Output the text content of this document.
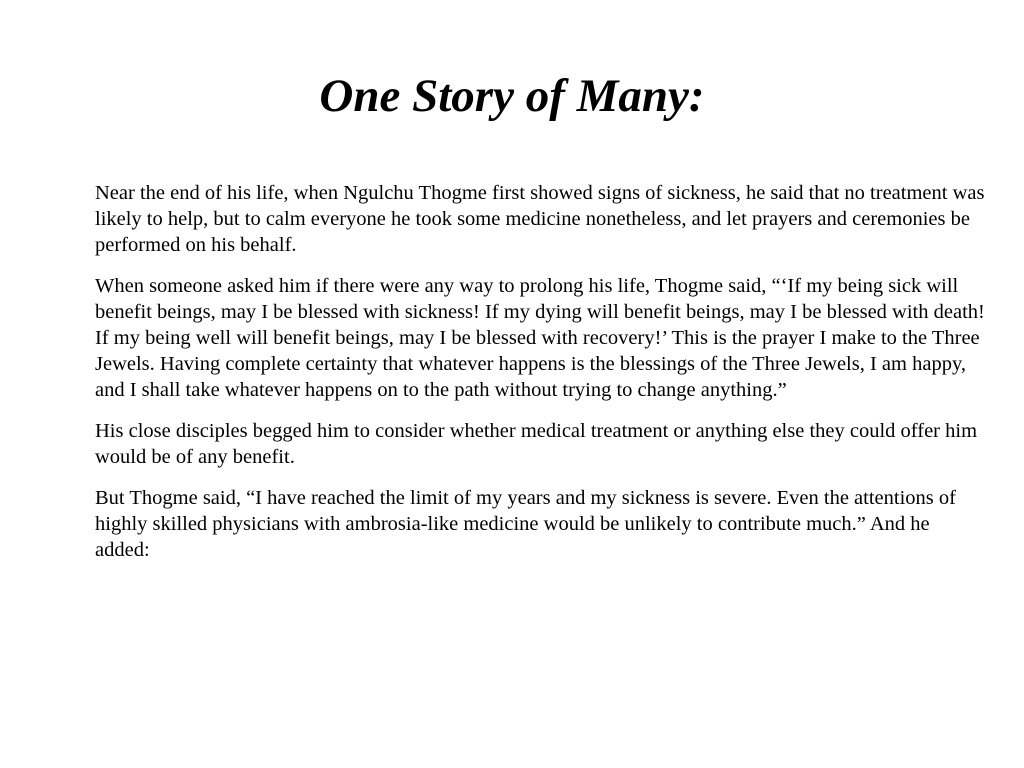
One Story of Many:

Near the end of his life, when Ngulchu Thogme first showed signs of sickness, he said that no treatment was likely to help, but to calm everyone he took some medicine nonetheless, and let prayers and ceremonies be performed on his behalf.

When someone asked him if there were any way to prolong his life, Thogme said, “‘If my being sick will benefit beings, may I be blessed with sickness! If my dying will benefit beings, may I be blessed with death! If my being well will benefit beings, may I be blessed with recovery!’ This is the prayer I make to the Three Jewels. Having complete certainty that whatever happens is the blessings of the Three Jewels, I am happy, and I shall take whatever happens on to the path without trying to change anything.”

His close disciples begged him to consider whether medical treatment or anything else they could offer him would be of any benefit.

But Thogme said, “I have reached the limit of my years and my sickness is severe. Even the attentions of highly skilled physicians with ambrosia-like medicine would be unlikely to contribute much.” And he added:
